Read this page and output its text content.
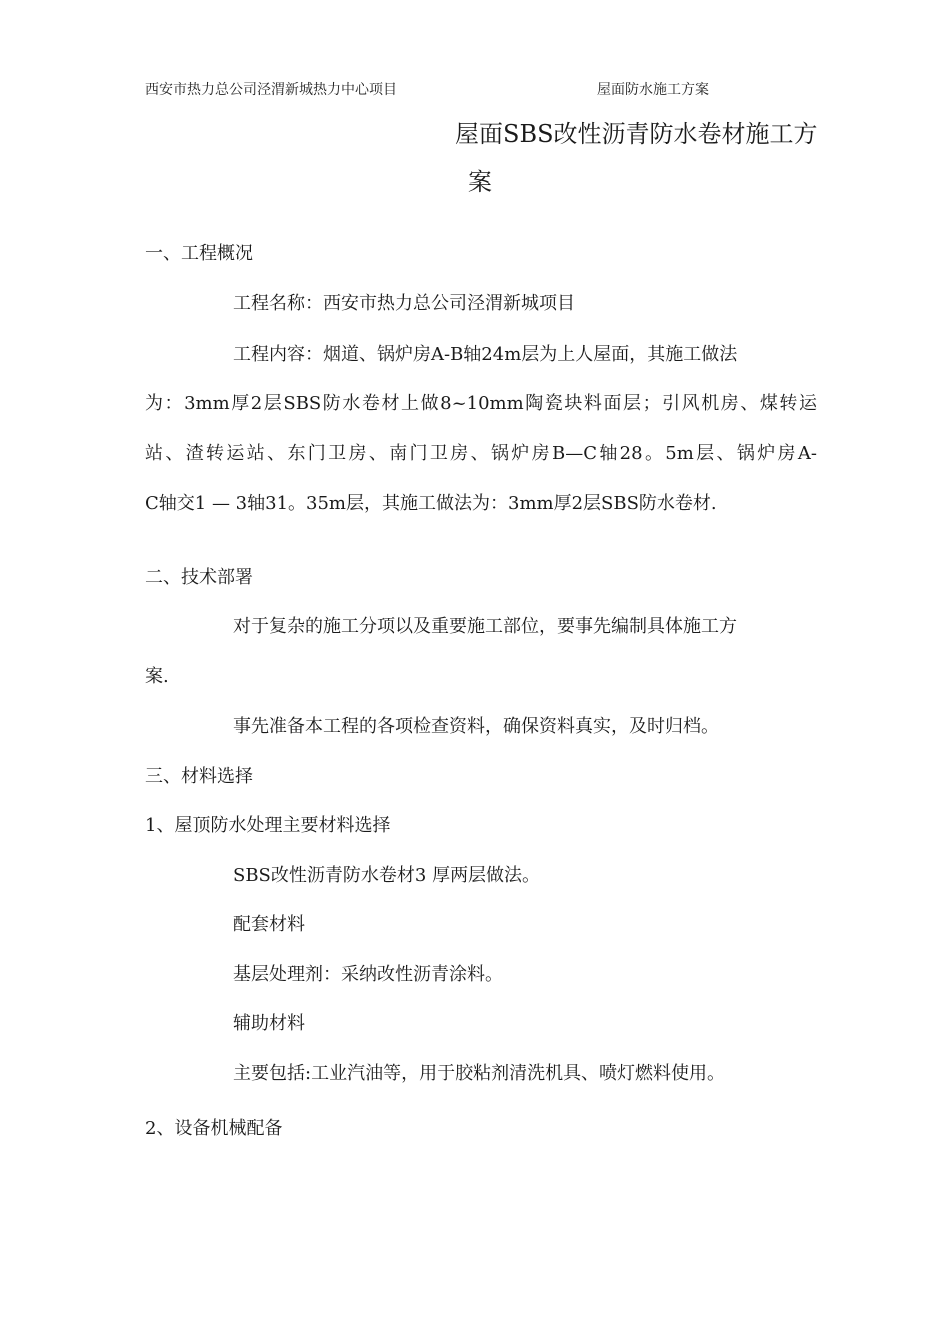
西安市热力总公司泾渭新城热力中心项目	屋面防水施工方案
屋面SBS改性沥青防水卷材施工方
案
一、工程概况
工程名称：西安市热力总公司泾渭新城项目
工程内容：烟道、锅炉房A-B轴24m层为上人屋面，其施工做法
为：3mm厚2层SBS防水卷材上做8~10mm陶瓷块料面层；引风机房、煤转运
站、渣转运站、东门卫房、南门卫房、锅炉房B—C轴28。5m层、锅炉房A-
C轴交1 — 3轴31。35m层，其施工做法为：3mm厚2层SBS防水卷材.
二、技术部署
对于复杂的施工分项以及重要施工部位，要事先编制具体施工方
案.
事先准备本工程的各项检查资料，确保资料真实，及时归档。
三、材料选择
1、屋顶防水处理主要材料选择
SBS改性沥青防水卷材3 厚两层做法。
配套材料
基层处理剂：采纳改性沥青涂料。
辅助材料
主要包括:工业汽油等，用于胶粘剂清洗机具、喷灯燃料使用。
2、设备机械配备
